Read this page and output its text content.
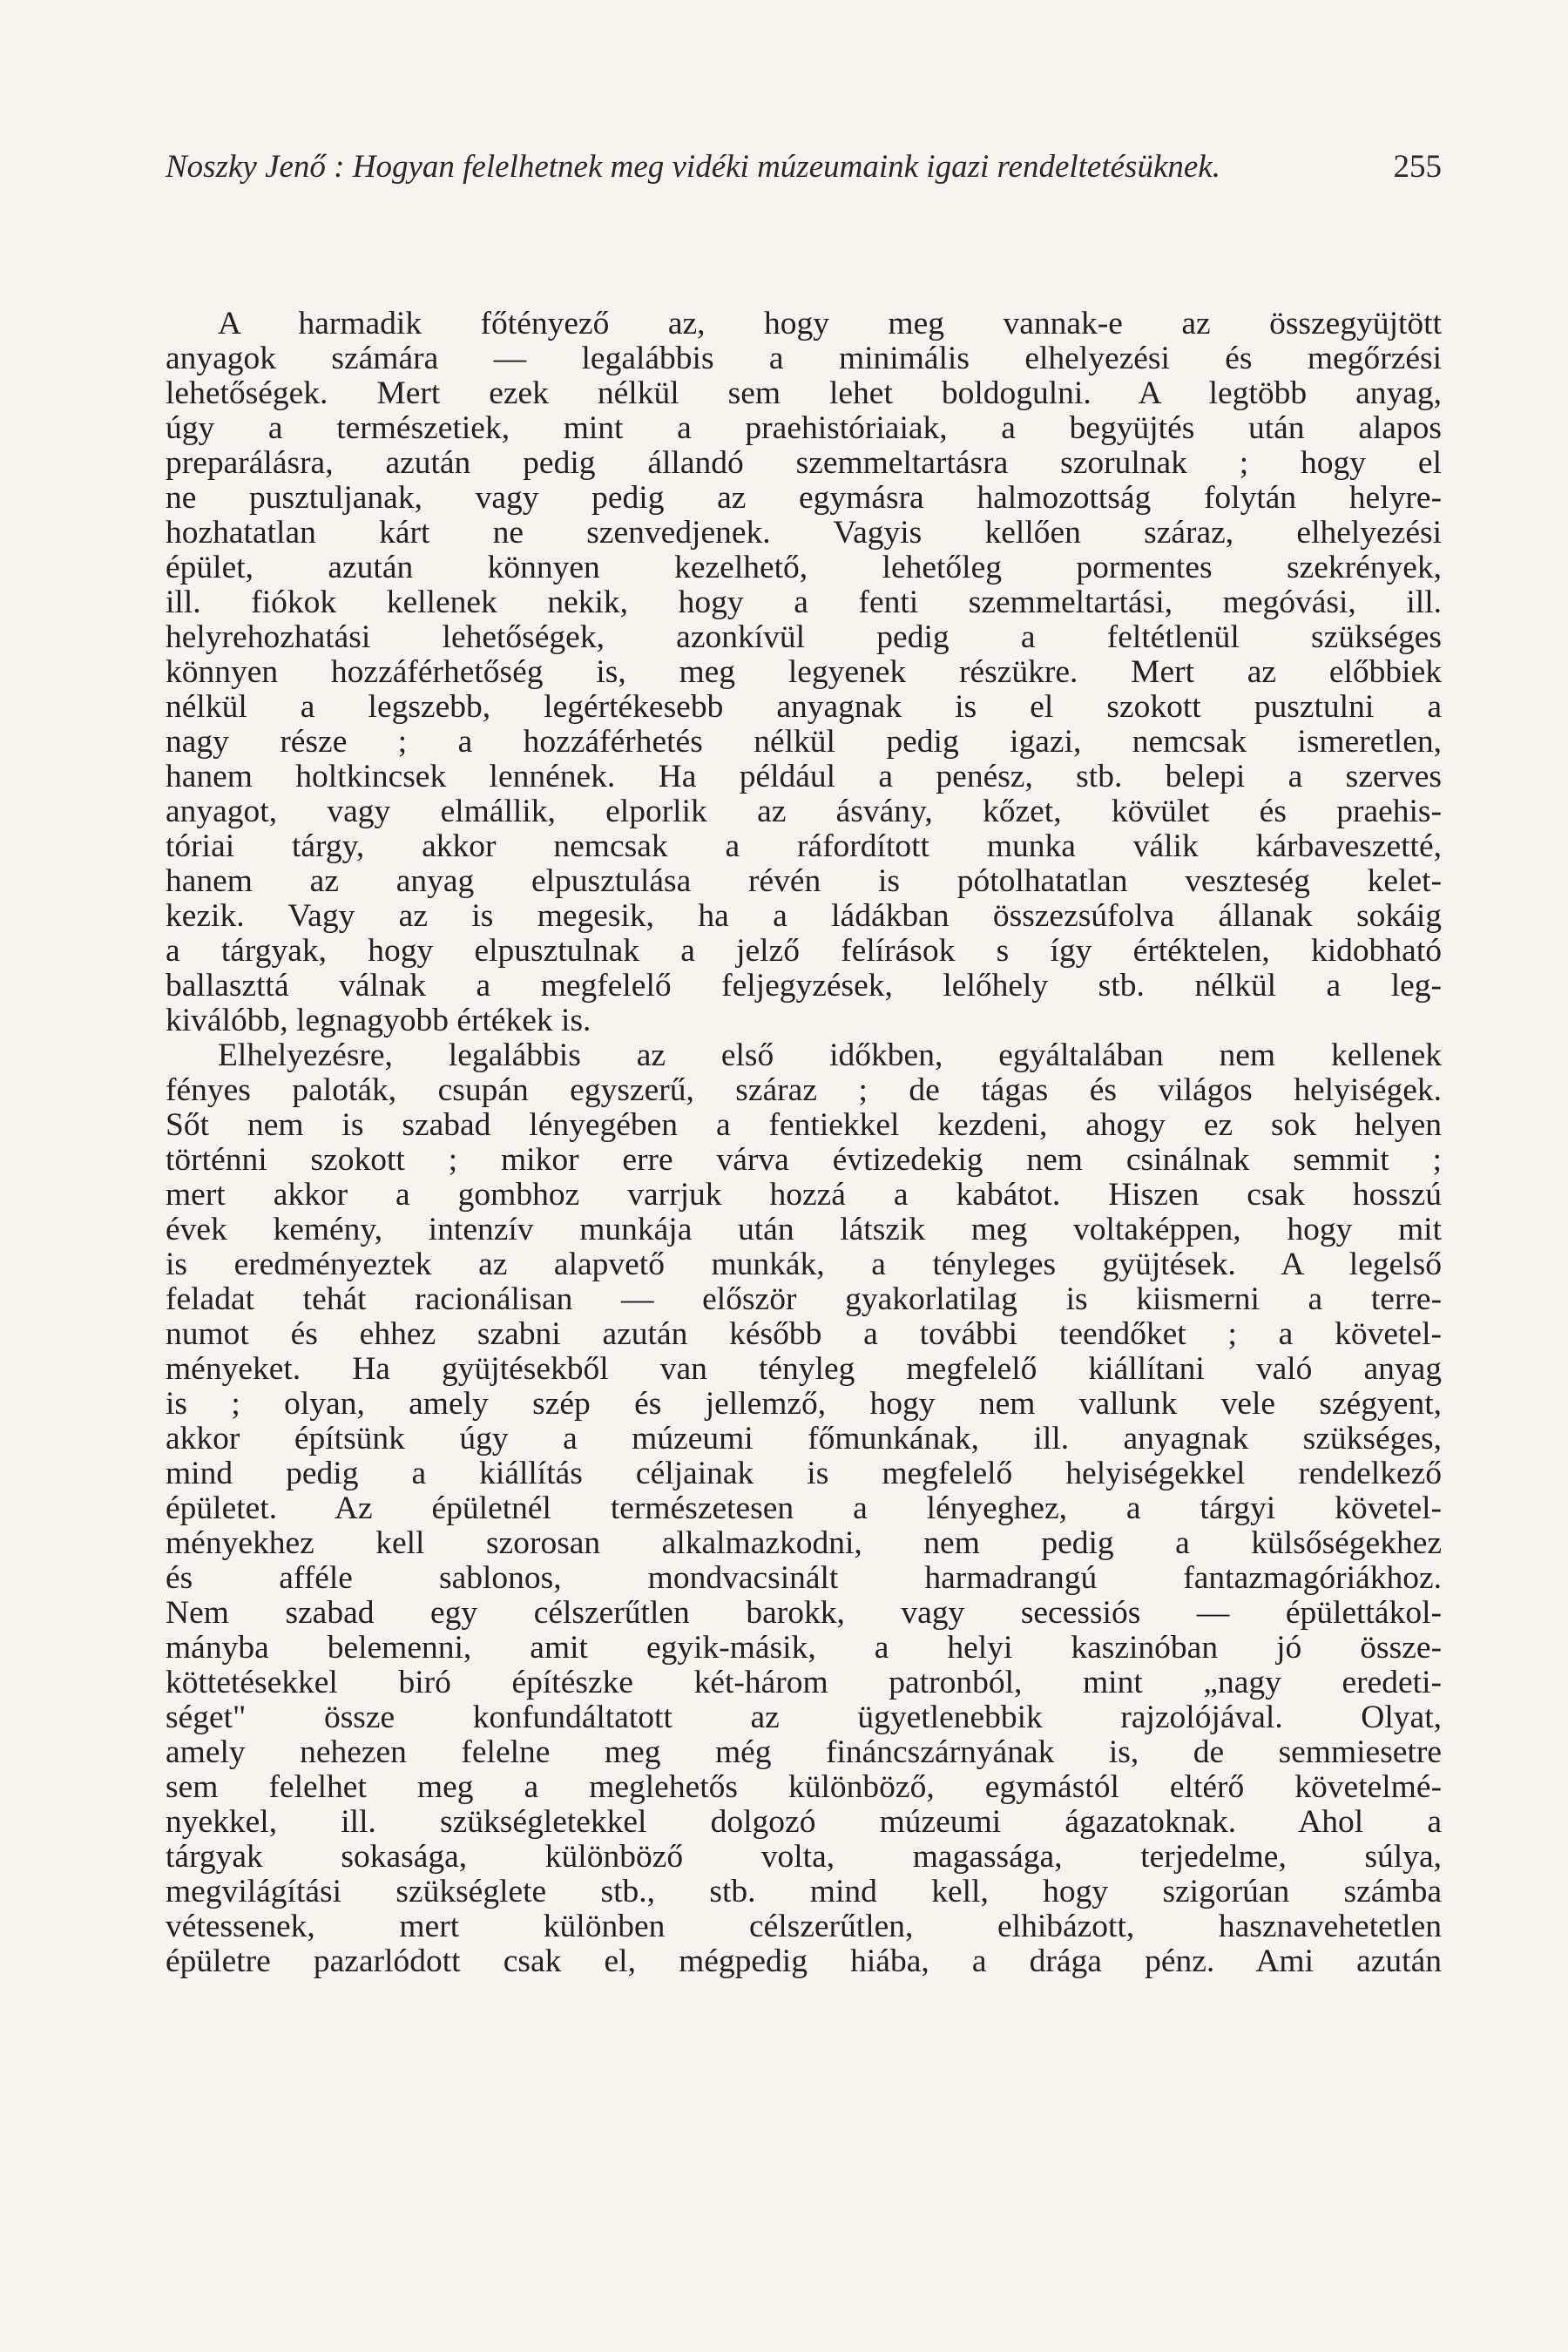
Noszky Jenő : Hogyan felelhetnek meg vidéki múzeumaink igazi rendeltetésüknek.	255
A harmadik főtényező az, hogy meg vannak-e az összegyüjtött
anyagok számára — legalábbis a minimális elhelyezési és megőrzési
lehetőségek. Mert ezek nélkül sem lehet boldogulni. A legtöbb anyag,
úgy a természetiek, mint a praehistóriaiak, a begyüjtés után alapos
preparálásra, azután pedig állandó szemmeltartásra szorulnak ; hogy el
ne pusztuljanak, vagy pedig az egymásra halmozottság folytán helyre-
hozhatatlan kárt ne szenvedjenek. Vagyis kellően száraz, elhelyezési
épület, azután könnyen kezelhető, lehetőleg pormentes szekrények,
ill. fiókok kellenek nekik, hogy a fenti szemmeltartási, megóvási, ill.
helyrehozhatási lehetőségek, azonkívül pedig a feltétlenül szükséges
könnyen hozzáférhetőség is, meg legyenek részükre. Mert az előbbiek
nélkül a legszebb, legértékesebb anyagnak is el szokott pusztulni a
nagy része ; a hozzáférhetés nélkül pedig igazi, nemcsak ismeretlen,
hanem holtkincsek lennének. Ha például a penész, stb. belepi a szerves
anyagot, vagy elmállik, elporlik az ásvány, kőzet, kövület és praehis-
tóriai tárgy, akkor nemcsak a ráfordított munka válik kárbaveszetté,
hanem az anyag elpusztulása révén is pótolhatatlan veszteség kelet-
kezik. Vagy az is megesik, ha a ládákban összezsúfolva állanak sokáig
a tárgyak, hogy elpusztulnak a jelző felírások s így értéktelen, kidobható
ballaszttá válnak a megfelelő feljegyzések, lelőhely stb. nélkül a leg-
kiválóbb, legnagyobb értékek is.
Elhelyezésre, legalábbis az első időkben, egyáltalában nem kellenek
fényes paloták, csupán egyszerű, száraz ; de tágas és világos helyiségek.
Sőt nem is szabad lényegében a fentiekkel kezdeni, ahogy ez sok helyen
történni szokott ; mikor erre várva évtizedekig nem csinálnak semmit ;
mert akkor a gombhoz varrjuk hozzá a kabátot. Hiszen csak hosszú
évek kemény, intenzív munkája után látszik meg voltaképpen, hogy mit
is eredményeztek az alapvető munkák, a tényleges gyüjtések. A legelső
feladat tehát racionálisan — először gyakorlatilag is kiismerni a terre-
numot és ehhez szabni azután később a további teendőket ; a követel-
ményeket. Ha gyüjtésekből van tényleg megfelelő kiállítani való anyag
is ; olyan, amely szép és jellemző, hogy nem vallunk vele szégyent,
akkor építsünk úgy a múzeumi főmunkának, ill. anyagnak szükséges,
mind pedig a kiállítás céljainak is megfelelő helyiségekkel rendelkező
épületet. Az épületnél természetesen a lényeghez, a tárgyi követel-
ményekhez kell szorosan alkalmazkodni, nem pedig a külsőségekhez
és afféle sablonos, mondvacsinált harmadrangú fantazmagóriákhoz.
Nem szabad egy célszerűtlen barokk, vagy secessiós — épülettákol-
mányba belemenni, amit egyik-másik, a helyi kaszinóban jó össze-
köttetésekkel biró építészke két-három patronból, mint „nagy eredeti-
séget" össze konfundáltatott az ügyetlenebbik rajzolójával. Olyat,
amely nehezen felelne meg még fináncszárnyának is, de semmiesetre
sem felelhet meg a meglehetős különböző, egymástól eltérő követelmé-
nyekkel, ill. szükségletekkel dolgozó múzeumi ágazatoknak. Ahol a
tárgyak sokasága, különböző volta, magassága, terjedelme, súlya,
megvilágítási szükséglete stb., stb. mind kell, hogy szigorúan számba
vétessenek, mert különben célszerűtlen, elhibázott, hasznavehetetlen
épületre pazarlódott csak el, mégpedig hiába, a drága pénz. Ami azután
